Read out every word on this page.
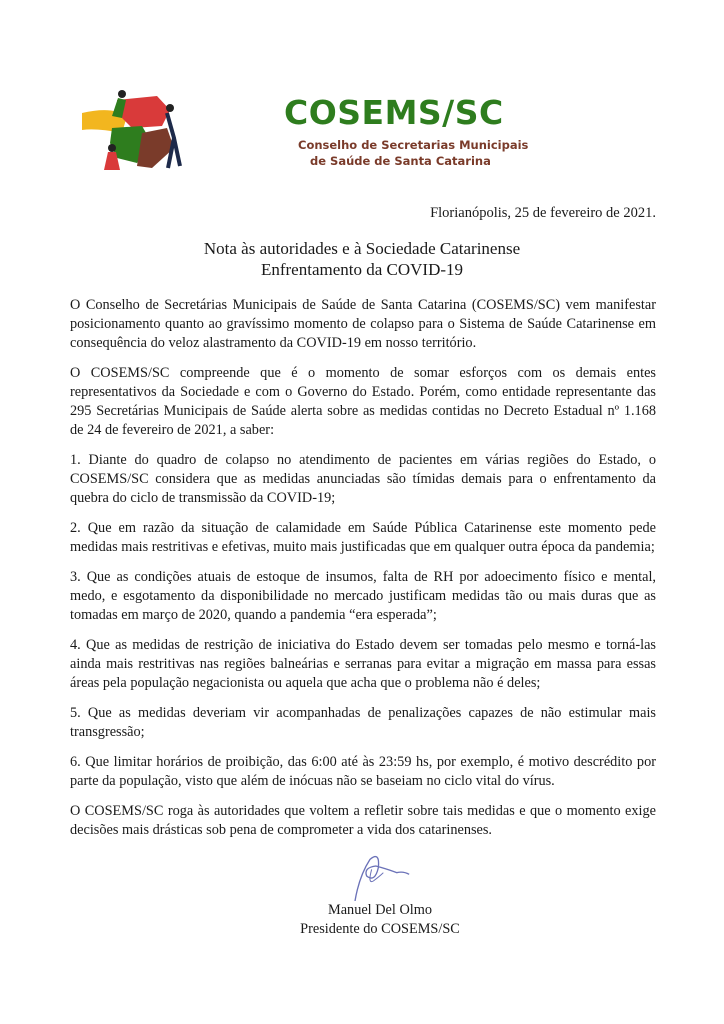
COSEMS/SC
Conselho de Secretarias Municipais
de Saúde de Santa Catarina
Florianópolis, 25 de fevereiro de 2021.
Nota às autoridades e à Sociedade Catarinense
Enfrentamento da COVID-19

O Conselho de Secretárias Municipais de Saúde de Santa Catarina (COSEMS/SC) vem manifestar posicionamento quanto ao gravíssimo momento de colapso para o Sistema de Saúde Catarinense em consequência do veloz alastramento da COVID-19 em nosso território.

O COSEMS/SC compreende que é o momento de somar esforços com os demais entes representativos da Sociedade e com o Governo do Estado. Porém, como entidade representante das 295 Secretárias Municipais de Saúde alerta sobre as medidas contidas no Decreto Estadual nº 1.168 de 24 de fevereiro de 2021, a saber:

1. Diante do quadro de colapso no atendimento de pacientes em várias regiões do Estado, o COSEMS/SC considera que as medidas anunciadas são tímidas demais para o enfrentamento da quebra do ciclo de transmissão da COVID-19;

2. Que em razão da situação de calamidade em Saúde Pública Catarinense este momento pede medidas mais restritivas e efetivas, muito mais justificadas que em qualquer outra época da pandemia;

3. Que as condições atuais de estoque de insumos, falta de RH por adoecimento físico e mental, medo, e esgotamento da disponibilidade no mercado justificam medidas tão ou mais duras que as tomadas em março de 2020, quando a pandemia “era esperada”;

4. Que as medidas de restrição de iniciativa do Estado devem ser tomadas pelo mesmo e torná-las ainda mais restritivas nas regiões balneárias e serranas para evitar a migração em massa para essas áreas pela população negacionista ou aquela que acha que o problema não é deles;

5. Que as medidas deveriam vir acompanhadas de penalizações capazes de não estimular mais transgressão;

6. Que limitar horários de proibição, das 6:00 até às 23:59 hs, por exemplo, é motivo descrédito por parte da população, visto que além de inócuas não se baseiam no ciclo vital do vírus.

O COSEMS/SC roga às autoridades que voltem a refletir sobre tais medidas e que o momento exige decisões mais drásticas sob pena de comprometer a vida dos catarinenses.

Manuel Del Olmo
Presidente do COSEMS/SC
